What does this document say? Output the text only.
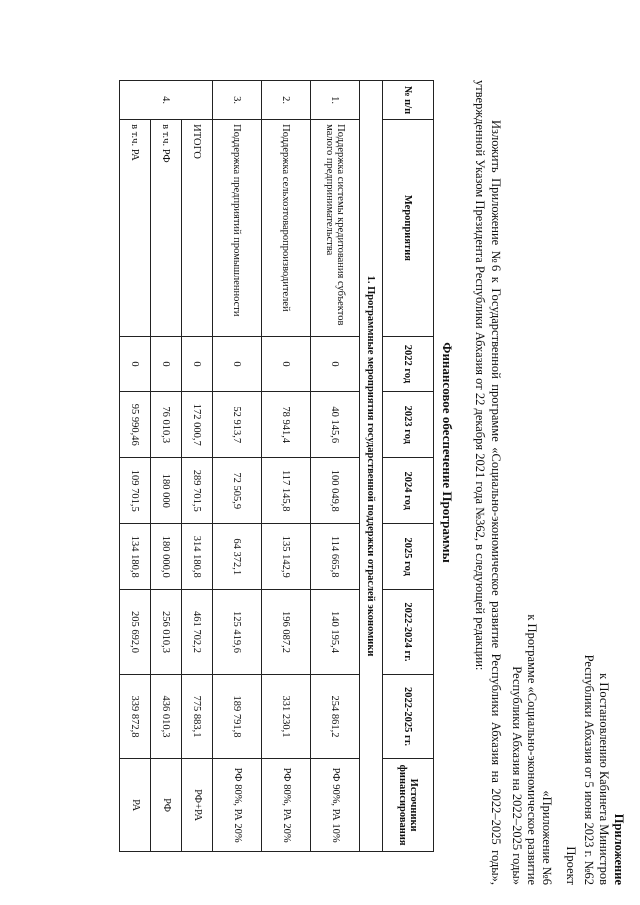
Приложение
к Постановлению Кабинета Министров
Республики Абхазия от 5 июня 2023 г. №62
Проект
«Приложение №6
к Программе «Социально-экономическое развитие
Республики Абхазия на 2022–2025 годы»
Изложить Приложение №6 к Государственной программе «Социально-экономическое развитие Республики Абхазия на 2022–2025 годы», утвержденной Указом Президента Республики Абхазия от 22 декабря 2021 года №362, в следующей редакции:
Финансовое обеспечение Программы
№ п/п	Мероприятия	2022 год	2023 год	2024 год	2025 год	2022-2024 гг.	2022-2025 гг.	Источники финансирования
1. Программные мероприятия государственной поддержки отраслей экономики								
1.	Поддержка системы кредитования субъектов малого предпринимательства	0	40 145,6	100 049,8	114 665,8	140 195,4	254 861,2	РФ 90%, РА 10%
2.	Поддержка сельхозтоваропроизводителей	0	78 941,4	117 145,8	135 142,9	196 087,2	331 230,1	РФ 80%, РА 20%
3.	Поддержка предприятий промышленности	0	52 913,7	72 505,9	64 372,1	125 419,6	189 791,8	РФ 80%, РА 20%
4.	ИТОГО	0	172 000,7	289 701,5	314 180,8	461 702,2	775 883,1	РФ+РА
	в т.ч. РФ	0	76 010,3	180 000	180 000,0	256 010,3	436 010,3	РФ
	в т.ч. РА	0	95 990,46	109 701,5	134 180,8	205 692,0	339 872,8	РА
